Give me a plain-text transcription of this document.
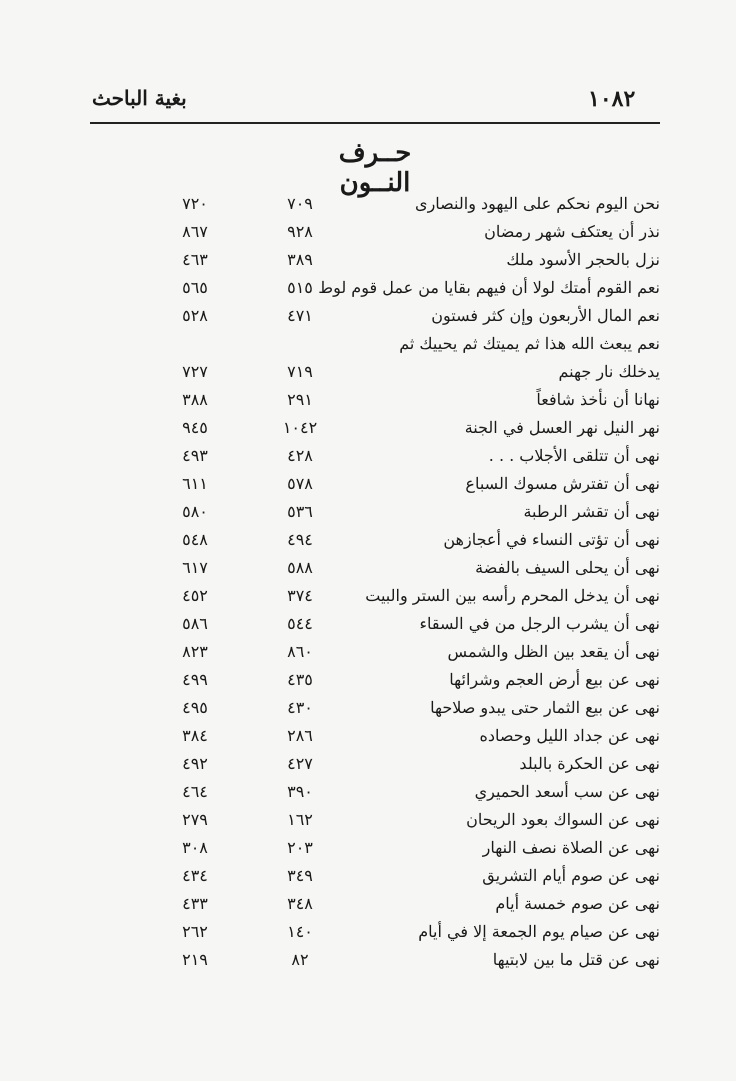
بغية الباحث	١٠٨٢
حــرف النــون
نحن اليوم نحكم على اليهود والنصارى
٧٠٩
٧٢٠
نذر أن يعتكف شهر رمضان
٩٢٨
٨٦٧
نزل بالحجر الأسود ملك
٣٨٩
٤٦٣
نعم القوم أمتك لولا أن فيهم بقايا من عمل قوم لوط
٥١٥
٥٦٥
نعم المال الأربعون وإن كثر فستون
٤٧١
٥٢٨
نعم يبعث الله هذا ثم يميتك ثم يحييك ثم
يدخلك نار جهنم
٧١٩
٧٢٧
نهانا أن نأخذ شافعاً
٢٩١
٣٨٨
نهر النيل نهر العسل في الجنة
١٠٤٢
٩٤٥
نهى أن تتلقى الأجلاب . . .
٤٢٨
٤٩٣
نهى أن تفترش مسوك السباع
٥٧٨
٦١١
نهى أن تقشر الرطبة
٥٣٦
٥٨٠
نهى أن تؤتى النساء في أعجازهن
٤٩٤
٥٤٨
نهى أن يحلى السيف بالفضة
٥٨٨
٦١٧
نهى أن يدخل المحرم رأسه بين الستر والبيت
٣٧٤
٤٥٢
نهى أن يشرب الرجل من في السقاء
٥٤٤
٥٨٦
نهى أن يقعد بين الظل والشمس
٨٦٠
٨٢٣
نهى عن بيع أرض العجم وشرائها
٤٣٥
٤٩٩
نهى عن بيع الثمار حتى يبدو صلاحها
٤٣٠
٤٩٥
نهى عن جداد الليل وحصاده
٢٨٦
٣٨٤
نهى عن الحكرة بالبلد
٤٢٧
٤٩٢
نهى عن سب أسعد الحميري
٣٩٠
٤٦٤
نهى عن السواك بعود الريحان
١٦٢
٢٧٩
نهى عن الصلاة نصف النهار
٢٠٣
٣٠٨
نهى عن صوم أيام التشريق
٣٤٩
٤٣٤
نهى عن صوم خمسة أيام
٣٤٨
٤٣٣
نهى عن صيام يوم الجمعة إلا في أيام
١٤٠
٢٦٢
نهى عن قتل ما بين لابتيها
٨٢
٢١٩
